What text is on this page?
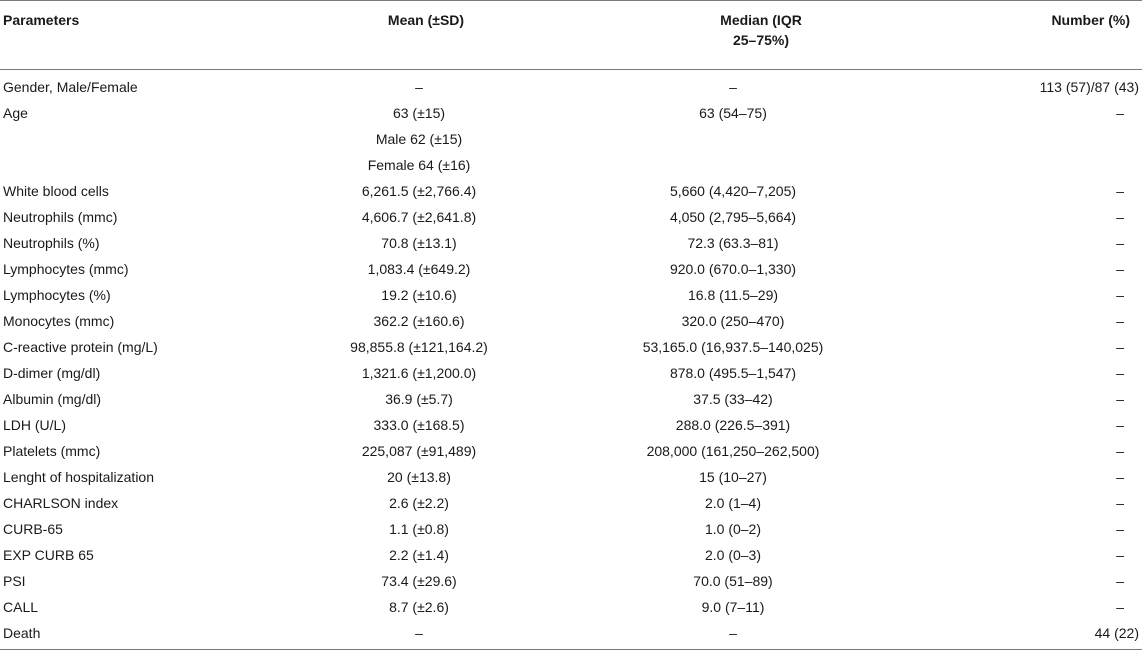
Parameters	Mean (±SD)	Median (IQR
25–75%)	Number (%)
Gender, Male/Female	–	–	113 (57)/87 (43)
Age	63 (±15)	63 (54–75)	–
	Male 62 (±15)		
	Female 64 (±16)		
White blood cells	6,261.5 (±2,766.4)	5,660 (4,420–7,205)	–
Neutrophils (mmc)	4,606.7 (±2,641.8)	4,050 (2,795–5,664)	–
Neutrophils (%)	70.8 (±13.1)	72.3 (63.3–81)	–
Lymphocytes (mmc)	1,083.4 (±649.2)	920.0 (670.0–1,330)	–
Lymphocytes (%)	19.2 (±10.6)	16.8 (11.5–29)	–
Monocytes (mmc)	362.2 (±160.6)	320.0 (250–470)	–
C-reactive protein (mg/L)	98,855.8 (±121,164.2)	53,165.0 (16,937.5–140,025)	–
D-dimer (mg/dl)	1,321.6 (±1,200.0)	878.0 (495.5–1,547)	–
Albumin (mg/dl)	36.9 (±5.7)	37.5 (33–42)	–
LDH (U/L)	333.0 (±168.5)	288.0 (226.5–391)	–
Platelets (mmc)	225,087 (±91,489)	208,000 (161,250–262,500)	–
Lenght of hospitalization	20 (±13.8)	15 (10–27)	–
CHARLSON index	2.6 (±2.2)	2.0 (1–4)	–
CURB-65	1.1 (±0.8)	1.0 (0–2)	–
EXP CURB 65	2.2 (±1.4)	2.0 (0–3)	–
PSI	73.4 (±29.6)	70.0 (51–89)	–
CALL	8.7 (±2.6)	9.0 (7–11)	–
Death	–	–	44 (22)
